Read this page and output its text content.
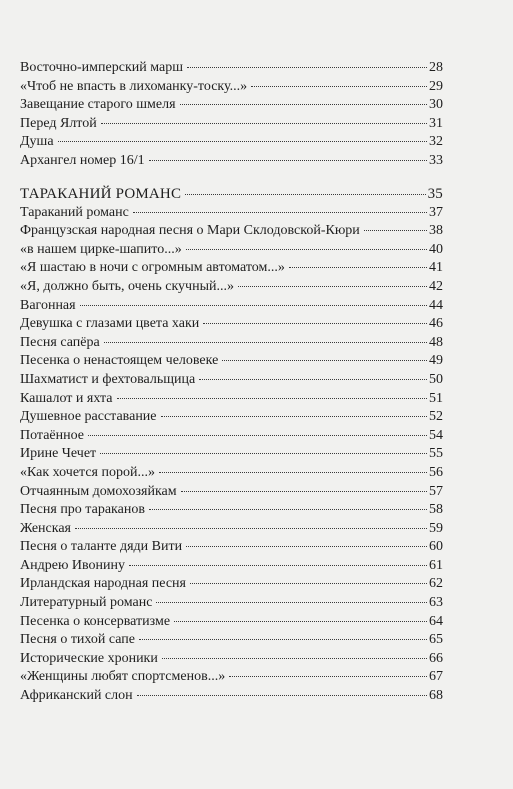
Восточно-имперский марш	28
«Чтоб не впасть в лихоманку-тоску...»	29
Завещание старого шмеля	30
Перед Ялтой	31
Душа	32
Архангел номер 16/1	33
ТАРАКАНИЙ РОМАНС	35
Тараканий романс	37
Французская народная песня о Мари Склодовской-Кюри	38
«в нашем цирке-шапито...»	40
«Я шастаю в ночи с огромным автоматом...»	41
«Я, должно быть, очень скучный...»	42
Вагонная	44
Девушка с глазами цвета хаки	46
Песня сапёра	48
Песенка о ненастоящем человеке	49
Шахматист и фехтовальщица	50
Кашалот и яхта	51
Душевное расставание	52
Потаённое	54
Ирине Чечет	55
«Как хочется порой...»	56
Отчаянным домохозяйкам	57
Песня про тараканов	58
Женская	59
Песня о таланте дяди Вити	60
Андрею Ивонину	61
Ирландская народная песня	62
Литературный романс	63
Песенка о консерватизме	64
Песня о тихой сапе	65
Исторические хроники	66
«Женщины любят спортсменов...»	67
Африканский слон	68
